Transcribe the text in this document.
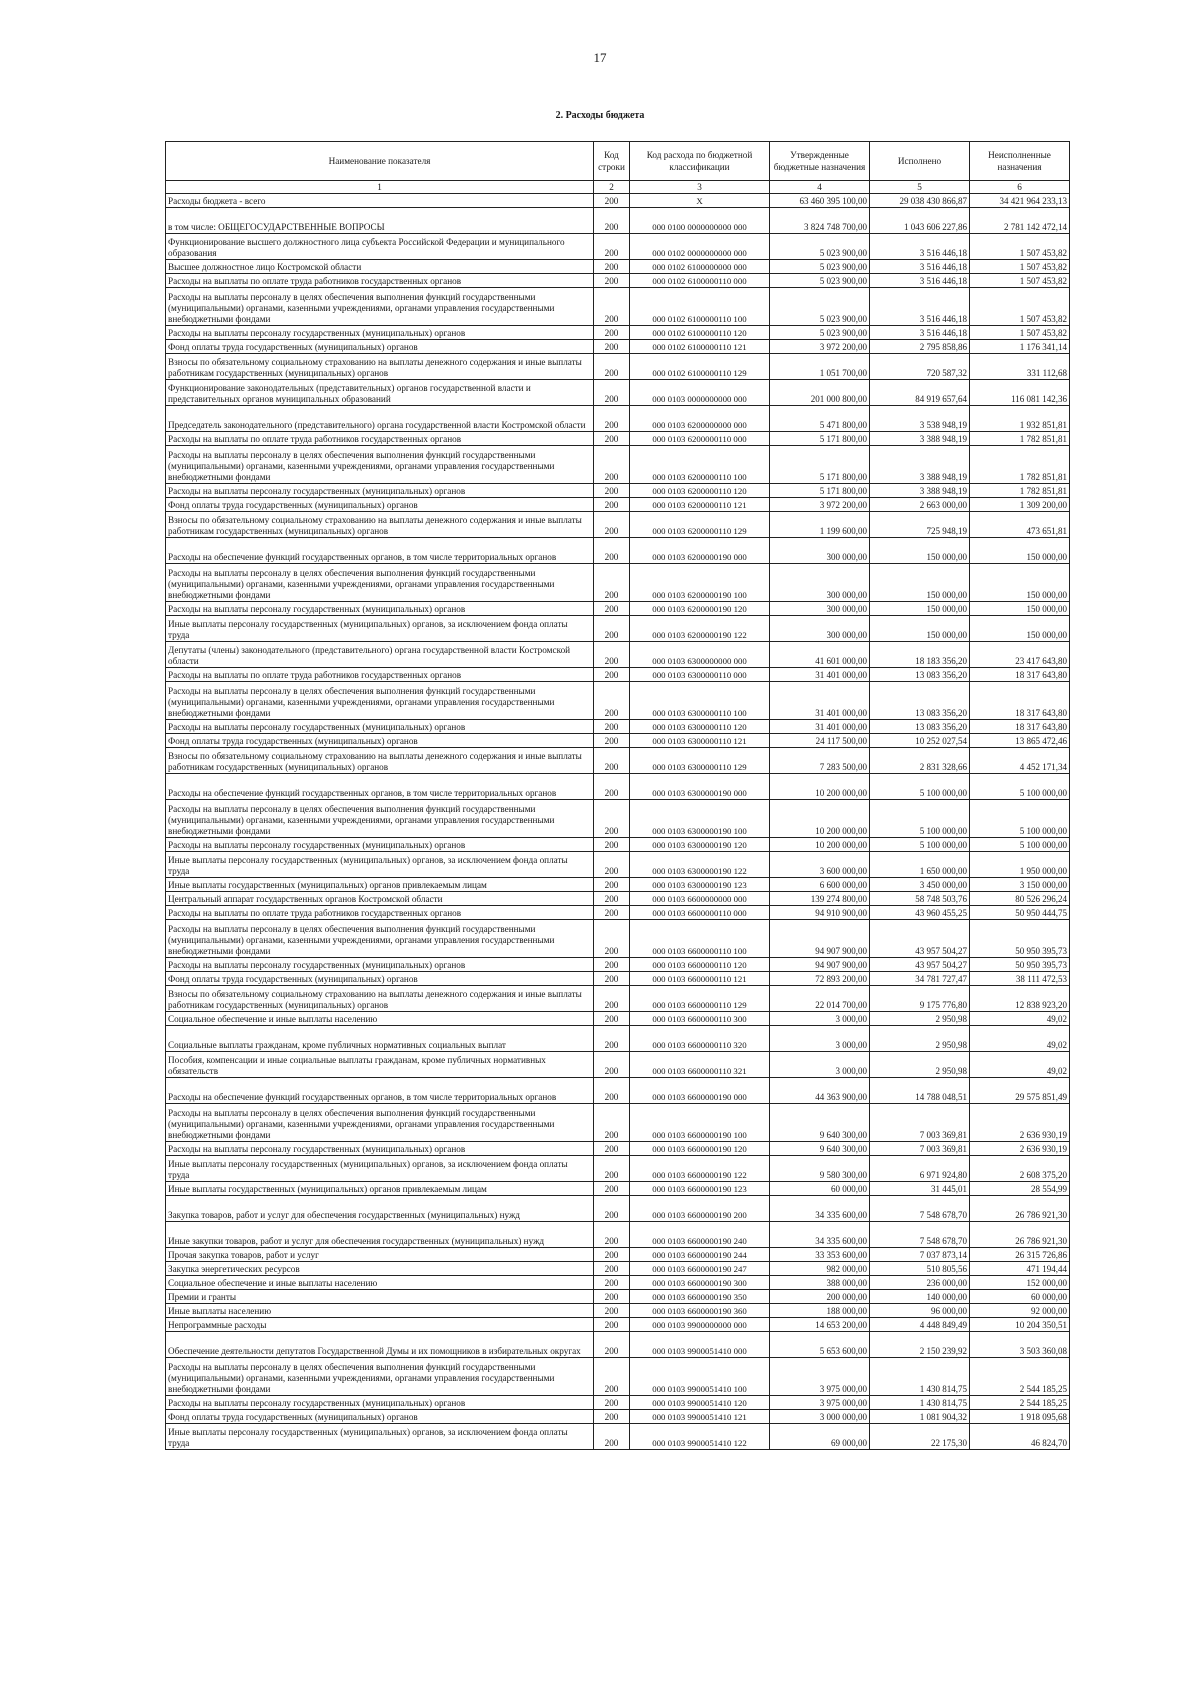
17
2. Расходы бюджета
Наименование показателя	Код строки	Код расхода по бюджетной классификации	Утвержденные бюджетные назначения	Исполнено	Неисполненные назначения
1	2	3	4	5	6
Расходы бюджета - всего	200	X	63 460 395 100,00	29 038 430 866,87	34 421 964 233,13
в том числе: ОБЩЕГОСУДАРСТВЕННЫЕ ВОПРОСЫ	200	000 0100 0000000000 000	3 824 748 700,00	1 043 606 227,86	2 781 142 472,14
Функционирование высшего должностного лица субъекта Российской Федерации и муниципального образования	200	000 0102 0000000000 000	5 023 900,00	3 516 446,18	1 507 453,82
Высшее должностное лицо Костромской области	200	000 0102 6100000000 000	5 023 900,00	3 516 446,18	1 507 453,82
Расходы на выплаты по оплате труда работников государственных органов	200	000 0102 6100000110 000	5 023 900,00	3 516 446,18	1 507 453,82
Расходы на выплаты персоналу в целях обеспечения выполнения функций государственными (муниципальными) органами, казенными учреждениями, органами управления государственными внебюджетными фондами	200	000 0102 6100000110 100	5 023 900,00	3 516 446,18	1 507 453,82
Расходы на выплаты персоналу государственных (муниципальных) органов	200	000 0102 6100000110 120	5 023 900,00	3 516 446,18	1 507 453,82
Фонд оплаты труда государственных (муниципальных) органов	200	000 0102 6100000110 121	3 972 200,00	2 795 858,86	1 176 341,14
Взносы по обязательному социальному страхованию на выплаты денежного содержания и иные выплаты работникам государственных (муниципальных) органов	200	000 0102 6100000110 129	1 051 700,00	720 587,32	331 112,68
Функционирование законодательных (представительных) органов государственной власти и представительных органов муниципальных образований	200	000 0103 0000000000 000	201 000 800,00	84 919 657,64	116 081 142,36
Председатель законодательного (представительного) органа государственной власти Костромской области	200	000 0103 6200000000 000	5 471 800,00	3 538 948,19	1 932 851,81
Расходы на выплаты по оплате труда работников государственных органов	200	000 0103 6200000110 000	5 171 800,00	3 388 948,19	1 782 851,81
Расходы на выплаты персоналу в целях обеспечения выполнения функций государственными (муниципальными) органами, казенными учреждениями, органами управления государственными внебюджетными фондами	200	000 0103 6200000110 100	5 171 800,00	3 388 948,19	1 782 851,81
Расходы на выплаты персоналу государственных (муниципальных) органов	200	000 0103 6200000110 120	5 171 800,00	3 388 948,19	1 782 851,81
Фонд оплаты труда государственных (муниципальных) органов	200	000 0103 6200000110 121	3 972 200,00	2 663 000,00	1 309 200,00
Взносы по обязательному социальному страхованию на выплаты денежного содержания и иные выплаты работникам государственных (муниципальных) органов	200	000 0103 6200000110 129	1 199 600,00	725 948,19	473 651,81
Расходы на обеспечение функций государственных органов, в том числе территориальных органов	200	000 0103 6200000190 000	300 000,00	150 000,00	150 000,00
Расходы на выплаты персоналу в целях обеспечения выполнения функций государственными (муниципальными) органами, казенными учреждениями, органами управления государственными внебюджетными фондами	200	000 0103 6200000190 100	300 000,00	150 000,00	150 000,00
Расходы на выплаты персоналу государственных (муниципальных) органов	200	000 0103 6200000190 120	300 000,00	150 000,00	150 000,00
Иные выплаты персоналу государственных (муниципальных) органов, за исключением фонда оплаты труда	200	000 0103 6200000190 122	300 000,00	150 000,00	150 000,00
Депутаты (члены) законодательного (представительного) органа государственной власти Костромской области	200	000 0103 6300000000 000	41 601 000,00	18 183 356,20	23 417 643,80
Расходы на выплаты по оплате труда работников государственных органов	200	000 0103 6300000110 000	31 401 000,00	13 083 356,20	18 317 643,80
Расходы на выплаты персоналу в целях обеспечения выполнения функций государственными (муниципальными) органами, казенными учреждениями, органами управления государственными внебюджетными фондами	200	000 0103 6300000110 100	31 401 000,00	13 083 356,20	18 317 643,80
Расходы на выплаты персоналу государственных (муниципальных) органов	200	000 0103 6300000110 120	31 401 000,00	13 083 356,20	18 317 643,80
Фонд оплаты труда государственных (муниципальных) органов	200	000 0103 6300000110 121	24 117 500,00	10 252 027,54	13 865 472,46
Взносы по обязательному социальному страхованию на выплаты денежного содержания и иные выплаты работникам государственных (муниципальных) органов	200	000 0103 6300000110 129	7 283 500,00	2 831 328,66	4 452 171,34
Расходы на обеспечение функций государственных органов, в том числе территориальных органов	200	000 0103 6300000190 000	10 200 000,00	5 100 000,00	5 100 000,00
Расходы на выплаты персоналу в целях обеспечения выполнения функций государственными (муниципальными) органами, казенными учреждениями, органами управления государственными внебюджетными фондами	200	000 0103 6300000190 100	10 200 000,00	5 100 000,00	5 100 000,00
Расходы на выплаты персоналу государственных (муниципальных) органов	200	000 0103 6300000190 120	10 200 000,00	5 100 000,00	5 100 000,00
Иные выплаты персоналу государственных (муниципальных) органов, за исключением фонда оплаты труда	200	000 0103 6300000190 122	3 600 000,00	1 650 000,00	1 950 000,00
Иные выплаты государственных (муниципальных) органов привлекаемым лицам	200	000 0103 6300000190 123	6 600 000,00	3 450 000,00	3 150 000,00
Центральный аппарат государственных органов Костромской области	200	000 0103 6600000000 000	139 274 800,00	58 748 503,76	80 526 296,24
Расходы на выплаты по оплате труда работников государственных органов	200	000 0103 6600000110 000	94 910 900,00	43 960 455,25	50 950 444,75
Расходы на выплаты персоналу в целях обеспечения выполнения функций государственными (муниципальными) органами, казенными учреждениями, органами управления государственными внебюджетными фондами	200	000 0103 6600000110 100	94 907 900,00	43 957 504,27	50 950 395,73
Расходы на выплаты персоналу государственных (муниципальных) органов	200	000 0103 6600000110 120	94 907 900,00	43 957 504,27	50 950 395,73
Фонд оплаты труда государственных (муниципальных) органов	200	000 0103 6600000110 121	72 893 200,00	34 781 727,47	38 111 472,53
Взносы по обязательному социальному страхованию на выплаты денежного содержания и иные выплаты работникам государственных (муниципальных) органов	200	000 0103 6600000110 129	22 014 700,00	9 175 776,80	12 838 923,20
Социальное обеспечение и иные выплаты населению	200	000 0103 6600000110 300	3 000,00	2 950,98	49,02
Социальные выплаты гражданам, кроме публичных нормативных социальных выплат	200	000 0103 6600000110 320	3 000,00	2 950,98	49,02
Пособия, компенсации и иные социальные выплаты гражданам, кроме публичных нормативных обязательств	200	000 0103 6600000110 321	3 000,00	2 950,98	49,02
Расходы на обеспечение функций государственных органов, в том числе территориальных органов	200	000 0103 6600000190 000	44 363 900,00	14 788 048,51	29 575 851,49
Расходы на выплаты персоналу в целях обеспечения выполнения функций государственными (муниципальными) органами, казенными учреждениями, органами управления государственными внебюджетными фондами	200	000 0103 6600000190 100	9 640 300,00	7 003 369,81	2 636 930,19
Расходы на выплаты персоналу государственных (муниципальных) органов	200	000 0103 6600000190 120	9 640 300,00	7 003 369,81	2 636 930,19
Иные выплаты персоналу государственных (муниципальных) органов, за исключением фонда оплаты труда	200	000 0103 6600000190 122	9 580 300,00	6 971 924,80	2 608 375,20
Иные выплаты государственных (муниципальных) органов привлекаемым лицам	200	000 0103 6600000190 123	60 000,00	31 445,01	28 554,99
Закупка товаров, работ и услуг для обеспечения государственных (муниципальных) нужд	200	000 0103 6600000190 200	34 335 600,00	7 548 678,70	26 786 921,30
Иные закупки товаров, работ и услуг для обеспечения государственных (муниципальных) нужд	200	000 0103 6600000190 240	34 335 600,00	7 548 678,70	26 786 921,30
Прочая закупка товаров, работ и услуг	200	000 0103 6600000190 244	33 353 600,00	7 037 873,14	26 315 726,86
Закупка энергетических ресурсов	200	000 0103 6600000190 247	982 000,00	510 805,56	471 194,44
Социальное обеспечение и иные выплаты населению	200	000 0103 6600000190 300	388 000,00	236 000,00	152 000,00
Премии и гранты	200	000 0103 6600000190 350	200 000,00	140 000,00	60 000,00
Иные выплаты населению	200	000 0103 6600000190 360	188 000,00	96 000,00	92 000,00
Непрограммные расходы	200	000 0103 9900000000 000	14 653 200,00	4 448 849,49	10 204 350,51
Обеспечение деятельности депутатов Государственной Думы и их помощников в избирательных округах	200	000 0103 9900051410 000	5 653 600,00	2 150 239,92	3 503 360,08
Расходы на выплаты персоналу в целях обеспечения выполнения функций государственными (муниципальными) органами, казенными учреждениями, органами управления государственными внебюджетными фондами	200	000 0103 9900051410 100	3 975 000,00	1 430 814,75	2 544 185,25
Расходы на выплаты персоналу государственных (муниципальных) органов	200	000 0103 9900051410 120	3 975 000,00	1 430 814,75	2 544 185,25
Фонд оплаты труда государственных (муниципальных) органов	200	000 0103 9900051410 121	3 000 000,00	1 081 904,32	1 918 095,68
Иные выплаты персоналу государственных (муниципальных) органов, за исключением фонда оплаты труда	200	000 0103 9900051410 122	69 000,00	22 175,30	46 824,70
